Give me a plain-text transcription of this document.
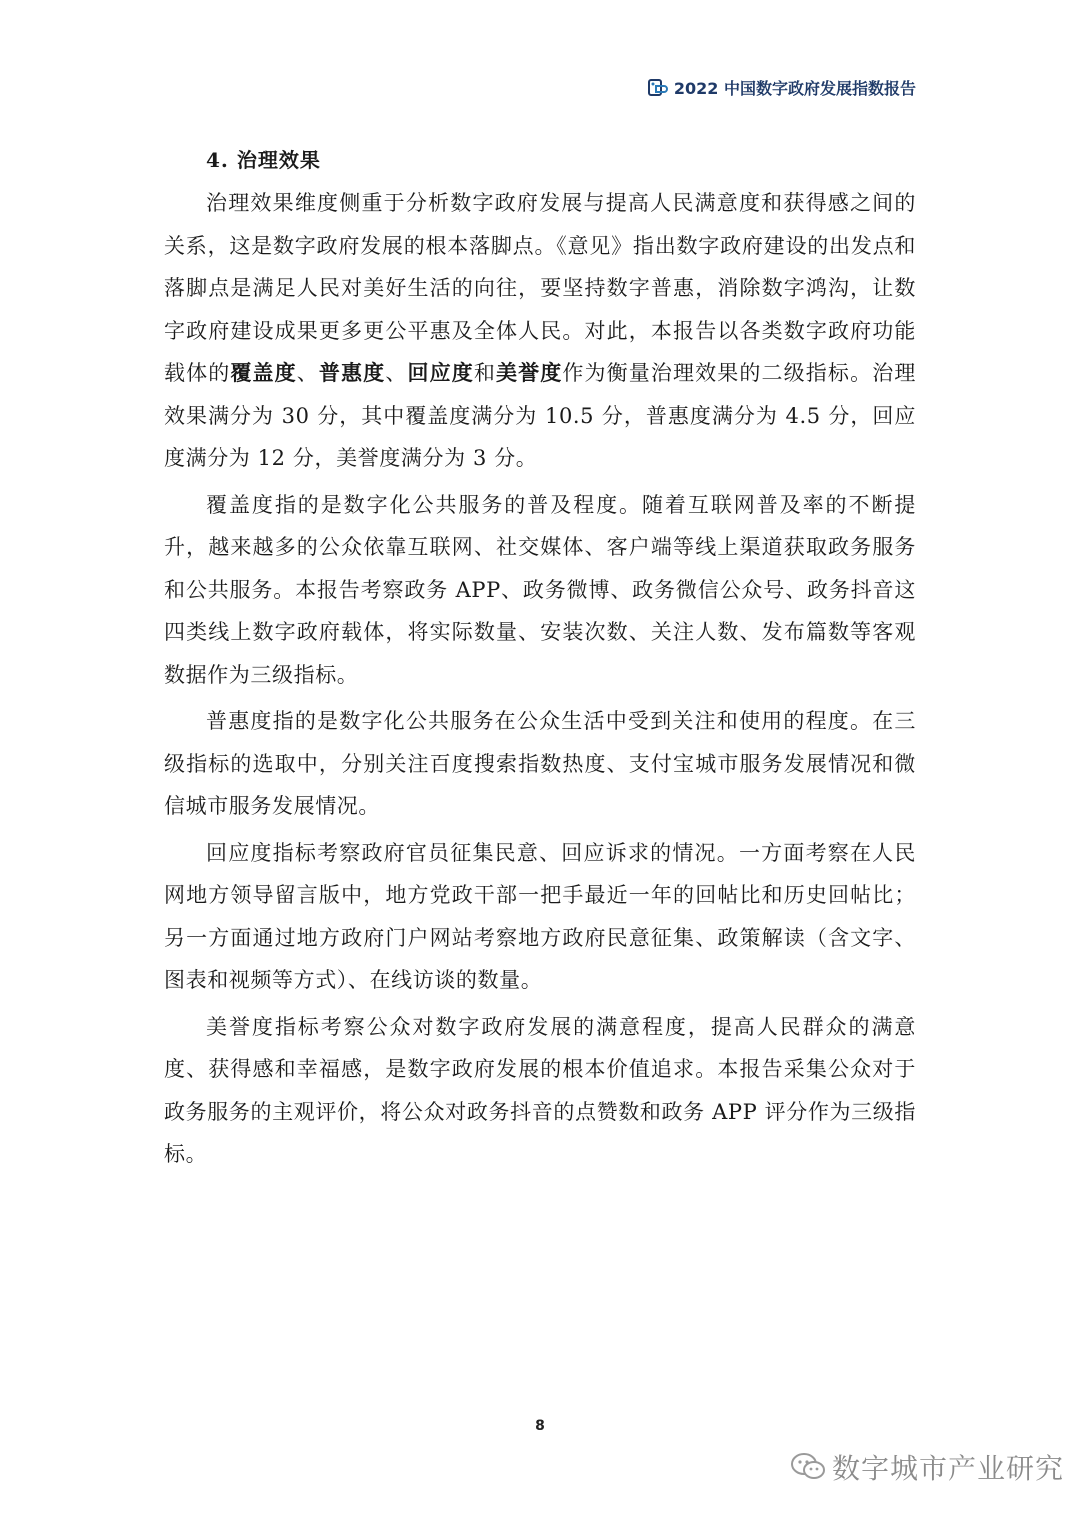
2022 中国数字政府发展指数报告
4. 治理效果

治理效果维度侧重于分析数字政府发展与提高人民满意度和获得感之间的关系，这是数字政府发展的根本落脚点。《意见》指出数字政府建设的出发点和落脚点是满足人民对美好生活的向往，要坚持数字普惠，消除数字鸿沟，让数字政府建设成果更多更公平惠及全体人民。对此，本报告以各类数字政府功能载体的覆盖度、普惠度、回应度和美誉度作为衡量治理效果的二级指标。治理效果满分为 30 分，其中覆盖度满分为 10.5 分，普惠度满分为 4.5 分，回应度满分为 12 分，美誉度满分为 3 分。

覆盖度指的是数字化公共服务的普及程度。随着互联网普及率的不断提升，越来越多的公众依靠互联网、社交媒体、客户端等线上渠道获取政务服务和公共服务。本报告考察政务 APP、政务微博、政务微信公众号、政务抖音这四类线上数字政府载体，将实际数量、安装次数、关注人数、发布篇数等客观数据作为三级指标。

普惠度指的是数字化公共服务在公众生活中受到关注和使用的程度。在三级指标的选取中，分别关注百度搜索指数热度、支付宝城市服务发展情况和微信城市服务发展情况。

回应度指标考察政府官员征集民意、回应诉求的情况。一方面考察在人民网地方领导留言版中，地方党政干部一把手最近一年的回帖比和历史回帖比；另一方面通过地方政府门户网站考察地方政府民意征集、政策解读（含文字、图表和视频等方式）、在线访谈的数量。

美誉度指标考察公众对数字政府发展的满意程度，提高人民群众的满意度、获得感和幸福感，是数字政府发展的根本价值追求。本报告采集公众对于政务服务的主观评价，将公众对政务抖音的点赞数和政务 APP 评分作为三级指标。

8
数字城市产业研究
